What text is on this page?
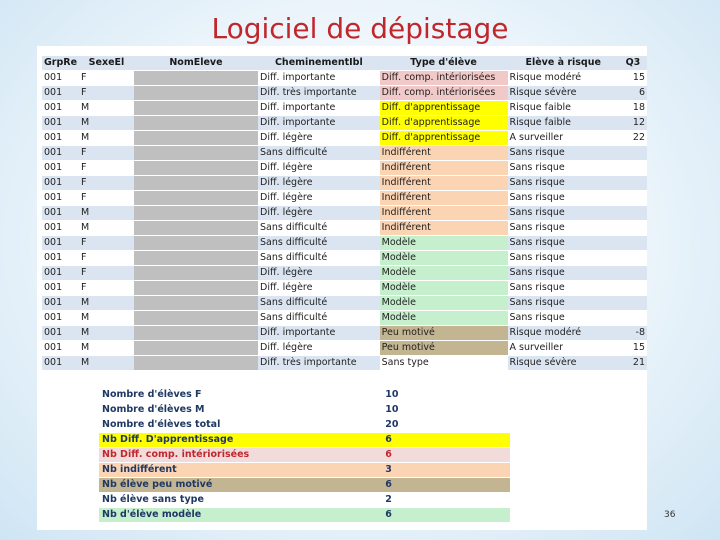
Logiciel de dépistage
GrpRe	SexeEl	NomEleve	CheminementIbl	Type d'élève	Elève à risque	Q3
001	F		Diff. importante	Diff. comp. intériorisées	Risque modéré	15
001	F		Diff. très importante	Diff. comp. intériorisées	Risque sévère	6
001	M		Diff. importante	Diff. d'apprentissage	Risque faible	18
001	M		Diff. importante	Diff. d'apprentissage	Risque faible	12
001	M		Diff. légère	Diff. d'apprentissage	A surveiller	22
001	F		Sans difficulté	Indifférent	Sans risque	
001	F		Diff. légère	Indifférent	Sans risque	
001	F		Diff. légère	Indifférent	Sans risque	
001	F		Diff. légère	Indifférent	Sans risque	
001	M		Diff. légère	Indifférent	Sans risque	
001	M		Sans difficulté	Indifférent	Sans risque	
001	F		Sans difficulté	Modèle	Sans risque	
001	F		Sans difficulté	Modèle	Sans risque	
001	F		Diff. légère	Modèle	Sans risque	
001	F		Diff. légère	Modèle	Sans risque	
001	M		Sans difficulté	Modèle	Sans risque	
001	M		Sans difficulté	Modèle	Sans risque	
001	M		Diff. importante	Peu motivé	Risque modéré	-8
001	M		Diff. légère	Peu motivé	A surveiller	15
001	M		Diff. très importante	Sans type	Risque sévère	21
Nombre d'élèves F		10	
Nombre d'élèves M		10	
Nombre d'élèves total		20	
Nb Diff. D'apprentissage		6	
Nb Diff. comp. intériorisées		6	
Nb indifférent		3	
Nb élève peu motivé		6	
Nb élève sans type		2	
Nb d'élève modèle		6		36
